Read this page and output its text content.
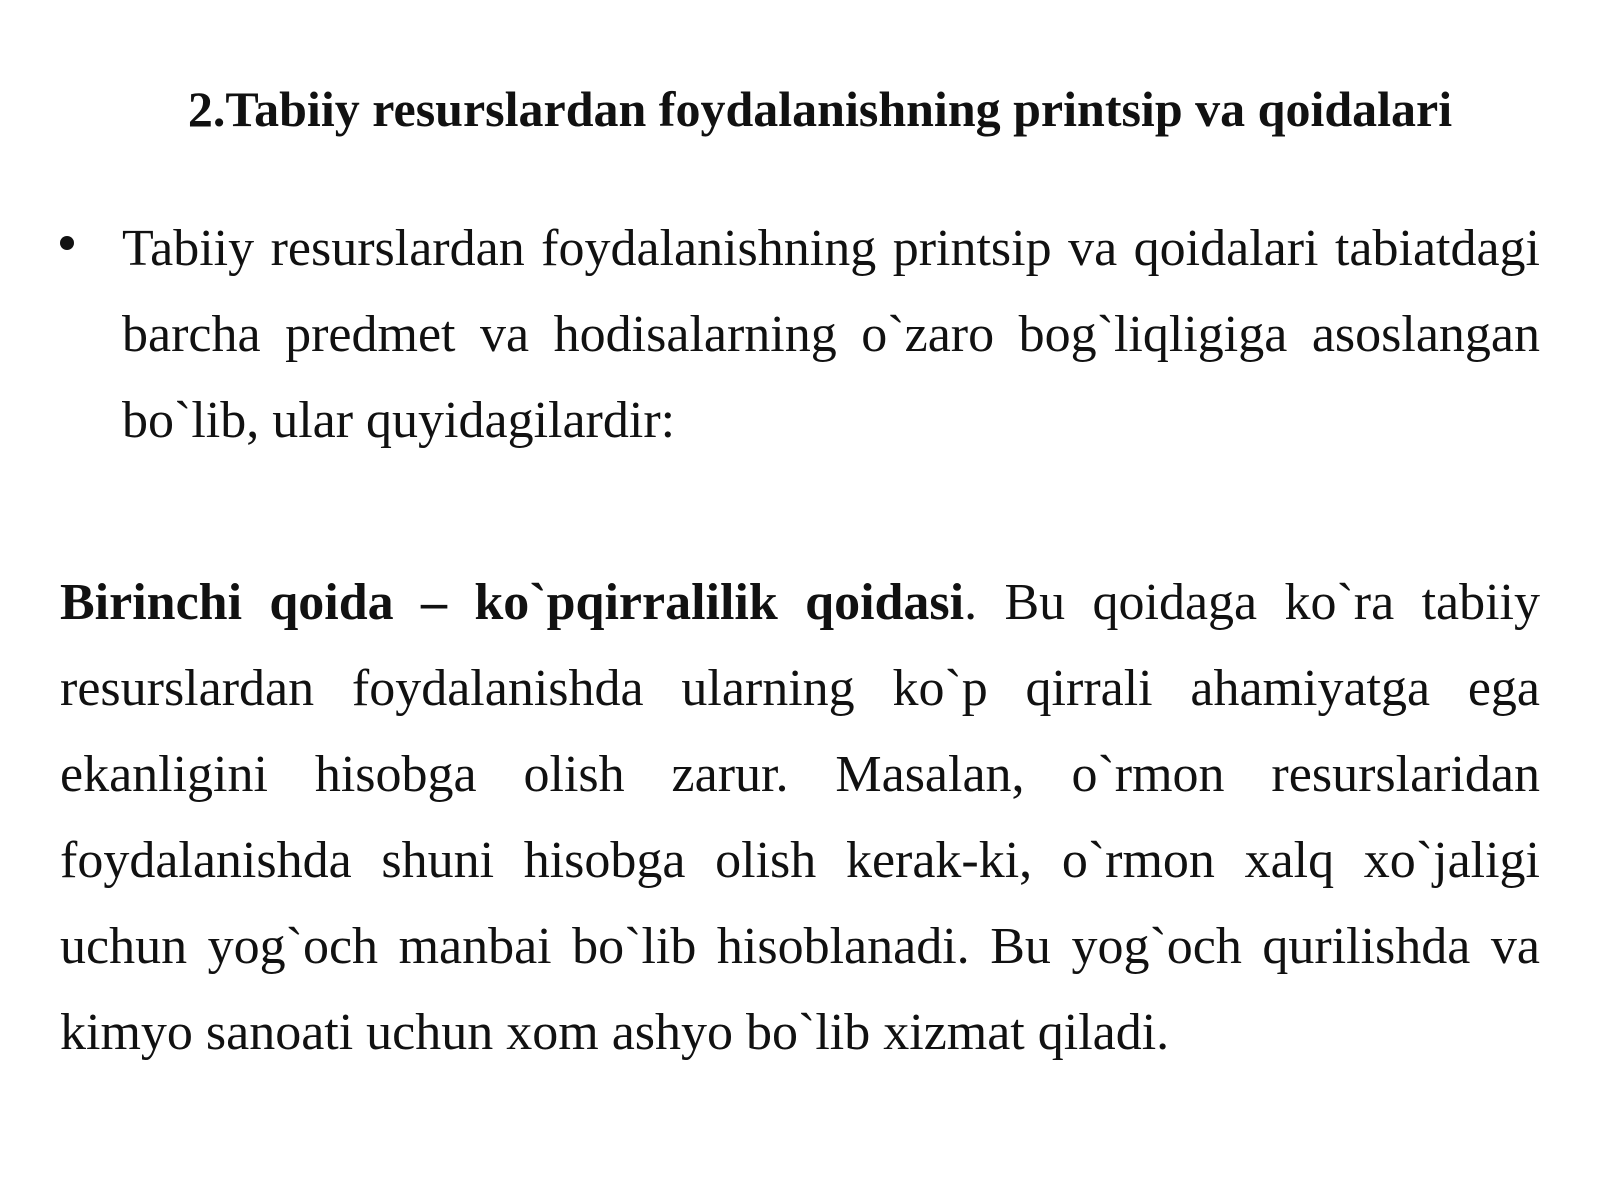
2.Tabiiy resurslardan foydalanishning printsip va qoidalari
Tabiiy resurslardan foydalanishning printsip va qoidalari tabiatdagi barcha predmet va hodisalarning o`zaro bog`liqligiga asoslangan bo`lib, ular quyidagilardir:
Birinchi qoida – ko`pqirralilik qoidasi. Bu qoidaga ko`ra tabiiy resurslardan foydalanishda ularning ko`p qirrali ahamiyatga ega ekanligini hisobga olish zarur. Masalan, o`rmon resurslaridan foydalanishda shuni hisobga olish kerak-ki, o`rmon xalq xo`jaligi uchun yog`och manbai bo`lib hisoblanadi. Bu yog`och qurilishda va kimyo sanoati uchun xom ashyo bo`lib xizmat qiladi.
